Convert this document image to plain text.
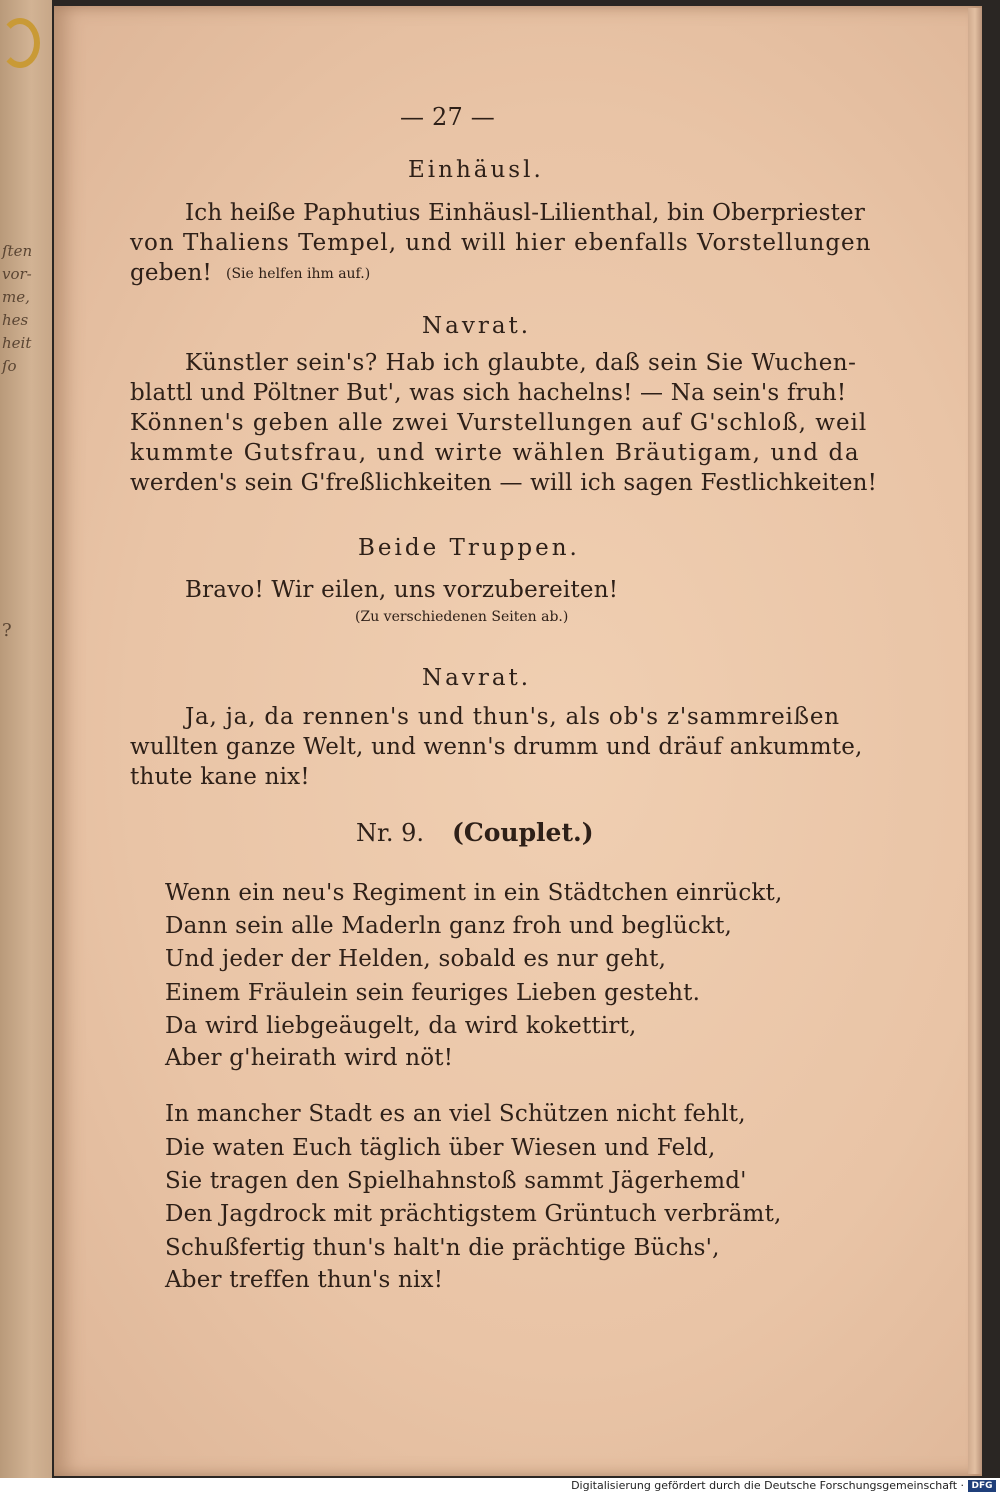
ſten
vor-
me,
hes
heit
ſo
?
— 27 —
Einhäusl.
Ich heiße Paphutius Einhäusl-Lilienthal, bin Oberpriester
von Thaliens Tempel, und will hier ebenfalls Vorstellungen
geben! (Sie helfen ihm auf.)
Navrat.
Künstler sein's? Hab ich glaubte, daß sein Sie Wuchen-
blattl und Pöltner But', was sich hachelns! — Na sein's fruh!
Können's geben alle zwei Vurstellungen auf G'schloß, weil
kummte Gutsfrau, und wirte wählen Bräutigam, und da
werden's sein G'freßlichkeiten — will ich sagen Festlichkeiten!
Beide Truppen.
Bravo! Wir eilen, uns vorzubereiten!
(Zu verschiedenen Seiten ab.)
Navrat.
Ja, ja, da rennen's und thun's, als ob's z'sammreißen
wullten ganze Welt, und wenn's drumm und dräuf ankummte,
thute kane nix!
Nr. 9. (Couplet.)
Wenn ein neu's Regiment in ein Städtchen einrückt,
Dann sein alle Maderln ganz froh und beglückt,
Und jeder der Helden, sobald es nur geht,
Einem Fräulein sein feuriges Lieben gesteht.
Da wird liebgeäugelt, da wird kokettirt,
Aber g'heirath wird nöt!
In mancher Stadt es an viel Schützen nicht fehlt,
Die waten Euch täglich über Wiesen und Feld,
Sie tragen den Spielhahnstoß sammt Jägerhemd'
Den Jagdrock mit prächtigstem Grüntuch verbrämt,
Schußfertig thun's halt'n die prächtige Büchs',
Aber treffen thun's nix!
Digitalisierung gefördert durch die Deutsche Forschungsgemeinschaft · DFG
